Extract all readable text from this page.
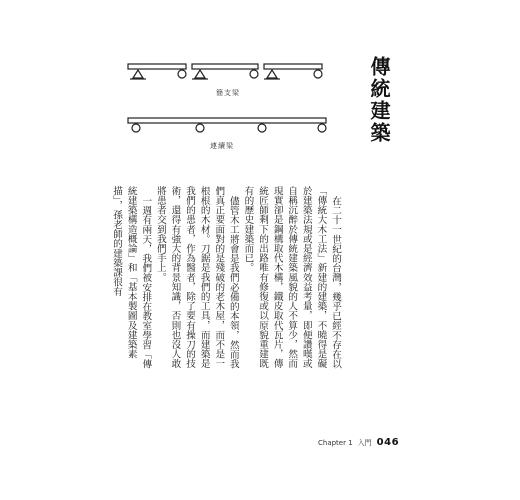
傳統建築
簡支梁
連續梁

在二十一世紀的台灣，幾乎已經不存在以「傳統大木工法」新建的建築，不曉得是礙於建築法規或是經濟效益考量，即便讚嘆或自稱沉醉於傳統建築風貌的人不算少，然而現實卻是鋼構取代木構，鐵皮取代瓦片，傳統匠師剩下的出路唯有修復或以原貌重建既有的歷史建築而已。

儘管木工將會是我們必備的本領，然而我們真正要面對的是殘破的老木屋，而不是一根根的木材。刀鋸是我們的工具，而建築是我們的患者，作為醫者，除了要有操刀的技術，還得有強大的背景知識，否則也沒人敢將患者交到我們手上。

一週有兩天，我們被安排在教室學習「傳統建築構造概論」和「基本製圖及建築素描」，孫老師的建築課很有

Chapter 1 入門 046
